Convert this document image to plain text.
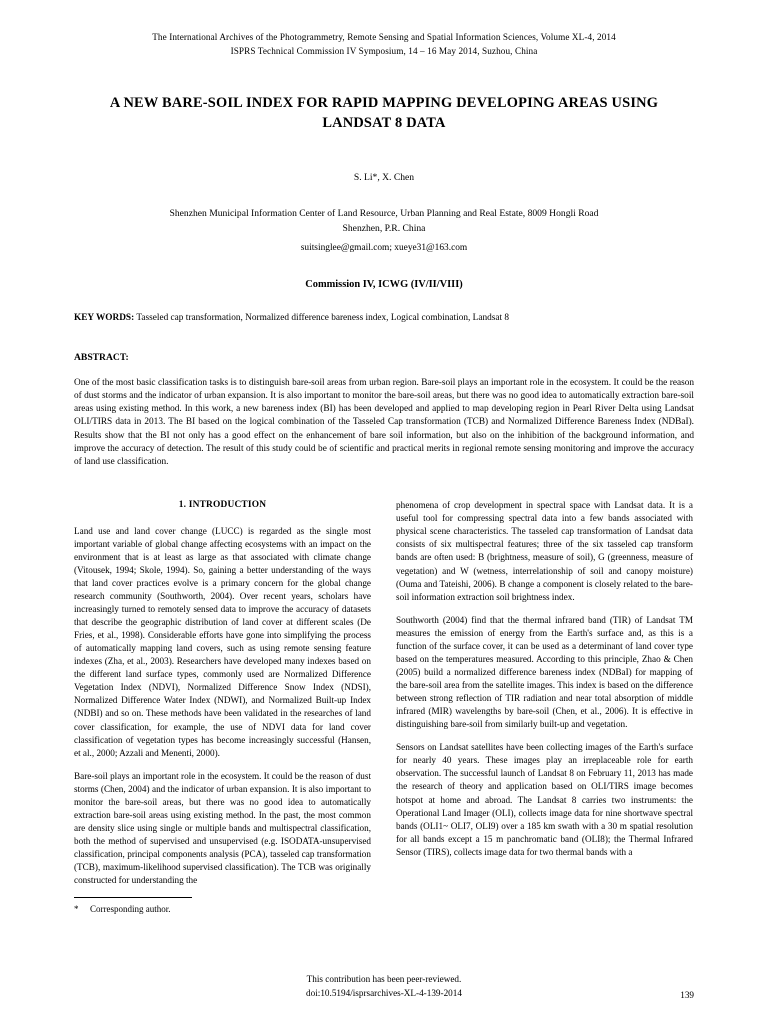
The International Archives of the Photogrammetry, Remote Sensing and Spatial Information Sciences, Volume XL-4, 2014
ISPRS Technical Commission IV Symposium, 14 – 16 May 2014, Suzhou, China
A NEW BARE-SOIL INDEX FOR RAPID MAPPING DEVELOPING AREAS USING LANDSAT 8 DATA
S. Li*, X. Chen
Shenzhen Municipal Information Center of Land Resource, Urban Planning and Real Estate, 8009 Hongli Road
Shenzhen, P.R. China
suitsinglee@gmail.com; xueye31@163.com
Commission IV, ICWG (IV/II/VIII)
KEY WORDS: Tasseled cap transformation, Normalized difference bareness index, Logical combination, Landsat 8
ABSTRACT:
One of the most basic classification tasks is to distinguish bare-soil areas from urban region. Bare-soil plays an important role in the ecosystem. It could be the reason of dust storms and the indicator of urban expansion. It is also important to monitor the bare-soil areas, but there was no good idea to automatically extraction bare-soil areas using existing method. In this work, a new bareness index (BI) has been developed and applied to map developing region in Pearl River Delta using Landsat OLI/TIRS data in 2013. The BI based on the logical combination of the Tasseled Cap transformation (TCB) and Normalized Difference Bareness Index (NDBaI). Results show that the BI not only has a good effect on the enhancement of bare soil information, but also on the inhibition of the background information, and improve the accuracy of detection. The result of this study could be of scientific and practical merits in regional remote sensing monitoring and improve the accuracy of land use classification.
1. INTRODUCTION
Land use and land cover change (LUCC) is regarded as the single most important variable of global change affecting ecosystems with an impact on the environment that is at least as large as that associated with climate change (Vitousek, 1994; Skole, 1994). So, gaining a better understanding of the ways that land cover practices evolve is a primary concern for the global change research community (Southworth, 2004). Over recent years, scholars have increasingly turned to remotely sensed data to improve the accuracy of datasets that describe the geographic distribution of land cover at different scales (De Fries, et al., 1998). Considerable efforts have gone into simplifying the process of automatically mapping land covers, such as using remote sensing feature indexes (Zha, et al., 2003). Researchers have developed many indexes based on the different land surface types, commonly used are Normalized Difference Vegetation Index (NDVI), Normalized Difference Snow Index (NDSI), Normalized Difference Water Index (NDWI), and Normalized Built-up Index (NDBI) and so on. These methods have been validated in the researches of land cover classification, for example, the use of NDVI data for land cover classification of vegetation types has become increasingly successful (Hansen, et al., 2000; Azzali and Menenti, 2000).
Bare-soil plays an important role in the ecosystem. It could be the reason of dust storms (Chen, 2004) and the indicator of urban expansion. It is also important to monitor the bare-soil areas, but there was no good idea to automatically extraction bare-soil areas using existing method. In the past, the most common are density slice using single or multiple bands and multispectral classification, both the method of supervised and unsupervised (e.g. ISODATA-unsupervised classification, principal components analysis (PCA), tasseled cap transformation (TCB), maximum-likelihood supervised classification). The TCB was originally constructed for understanding the
* Corresponding author.
phenomena of crop development in spectral space with Landsat data. It is a useful tool for compressing spectral data into a few bands associated with physical scene characteristics. The tasseled cap transformation of Landsat data consists of six multispectral features; three of the six tasseled cap transform bands are often used: B (brightness, measure of soil), G (greenness, measure of vegetation) and W (wetness, interrelationship of soil and canopy moisture) (Ouma and Tateishi, 2006). B change a component is closely related to the bare-soil information extraction soil brightness index.
Southworth (2004) find that the thermal infrared band (TIR) of Landsat TM measures the emission of energy from the Earth's surface and, as this is a function of the surface cover, it can be used as a determinant of land cover type based on the temperatures measured. According to this principle, Zhao & Chen (2005) build a normalized difference bareness index (NDBaI) for mapping of the bare-soil area from the satellite images. This index is based on the difference between strong reflection of TIR radiation and near total absorption of middle infrared (MIR) wavelengths by bare-soil (Chen, et al., 2006). It is effective in distinguishing bare-soil from similarly built-up and vegetation.
Sensors on Landsat satellites have been collecting images of the Earth's surface for nearly 40 years. These images play an irreplaceable role for earth observation. The successful launch of Landsat 8 on February 11, 2013 has made the research of theory and application based on OLI/TIRS image becomes hotspot at home and abroad. The Landsat 8 carries two instruments: the Operational Land Imager (OLI), collects image data for nine shortwave spectral bands (OLI1~ OLI7, OLI9) over a 185 km swath with a 30 m spatial resolution for all bands except a 15 m panchromatic band (OLI8); the Thermal Infrared Sensor (TIRS), collects image data for two thermal bands with a
This contribution has been peer-reviewed.
doi:10.5194/isprsarchives-XL-4-139-2014	139
